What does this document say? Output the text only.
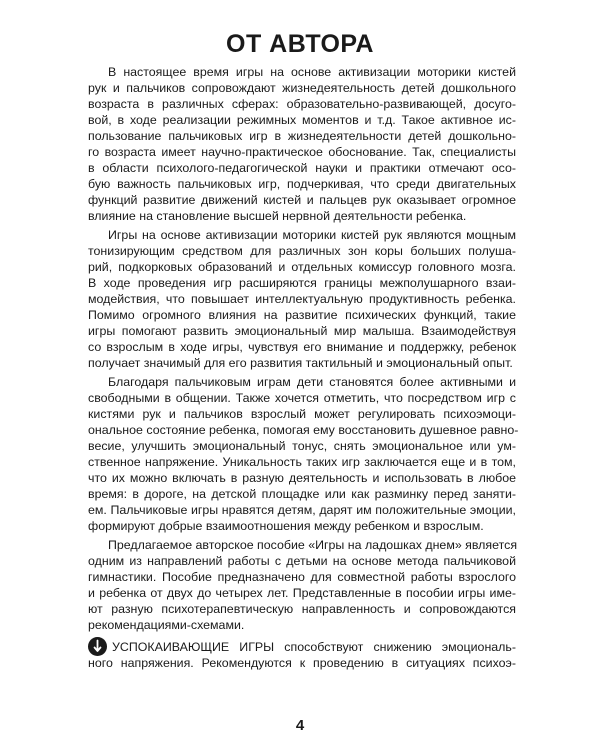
ОТ АВТОРА
4
В настоящее время игры на основе активизации моторики кистей
рук и пальчиков сопровождают жизнедеятельность детей дошкольного
возраста в различных сферах: образовательно-развивающей, досуго-
вой, в ходе реализации режимных моментов и т.д. Такое активное ис-
пользование пальчиковых игр в жизнедеятельности детей дошкольно-
го возраста имеет научно-практическое обоснование. Так, специалисты
в области психолого-педагогической науки и практики отмечают осо-
бую важность пальчиковых игр, подчеркивая, что среди двигательных
функций развитие движений кистей и пальцев рук оказывает огромное
влияние на становление высшей нервной деятельности ребенка.
Игры на основе активизации моторики кистей рук являются мощным
тонизирующим средством для различных зон коры больших полуша-
рий, подкорковых образований и отдельных комиссур головного мозга.
В ходе проведения игр расширяются границы межполушарного взаи-
модействия, что повышает интеллектуальную продуктивность ребенка.
Помимо огромного влияния на развитие психических функций, такие
игры помогают развить эмоциональный мир малыша. Взаимодействуя
со взрослым в ходе игры, чувствуя его внимание и поддержку, ребенок
получает значимый для его развития тактильный и эмоциональный опыт.
Благодаря пальчиковым играм дети становятся более активными и
свободными в общении. Также хочется отметить, что посредством игр с
кистями рук и пальчиков взрослый может регулировать психоэмоци-
ональное состояние ребенка, помогая ему восстановить душевное равно-
весие, улучшить эмоциональный тонус, снять эмоциональное или ум-
ственное напряжение. Уникальность таких игр заключается еще и в том,
что их можно включать в разную деятельность и использовать в любое
время: в дороге, на детской площадке или как разминку перед заняти-
ем. Пальчиковые игры нравятся детям, дарят им положительные эмоции,
формируют добрые взаимоотношения между ребенком и взрослым.
Предлагаемое авторское пособие «Игры на ладошках днем» является
одним из направлений работы с детьми на основе метода пальчиковой
гимнастики. Пособие предназначено для совместной работы взрослого
и ребенка от двух до четырех лет. Представленные в пособии игры име-
ют разную психотерапевтическую направленность и сопровождаются
рекомендациями-схемами.
УСПОКАИВАЮЩИЕ ИГРЫ способствуют снижению эмоциональ-
ного напряжения. Рекомендуются к проведению в ситуациях психоэ-
